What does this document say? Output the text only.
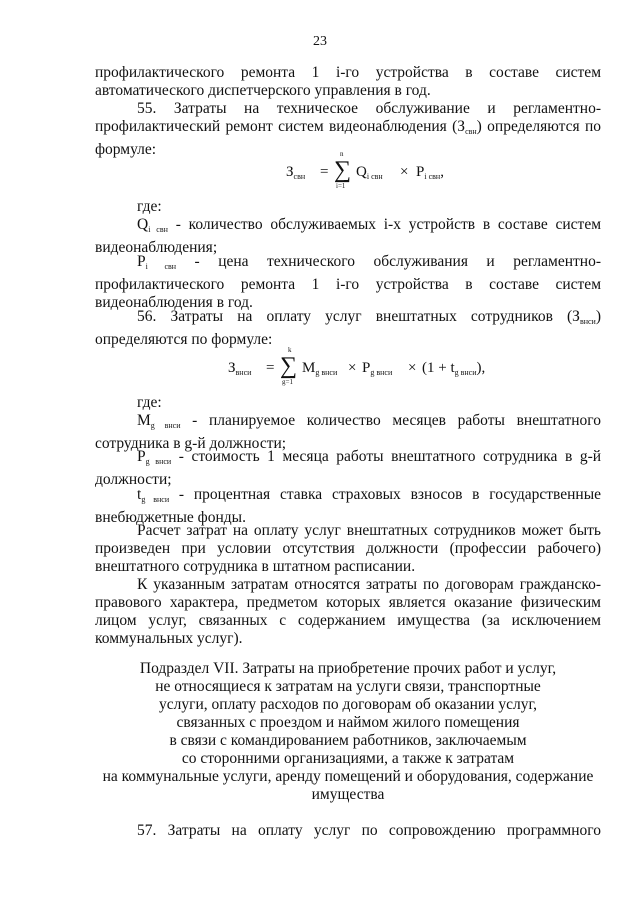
23
профилактического ремонта 1 i-го устройства в составе систем
автоматического диспетчерского управления в год.
55. Затраты на техническое обслуживание и регламентно-
профилактический ремонт систем видеонаблюдения $(З_{свн})$ определяются по
формуле:
$З_{свн}$ =
n
∑
i=1
$Q_{i свн} \times P_{i свн}$,
где:
$Q_{i свн}$ - количество обслуживаемых i-х устройств в составе систем
видеонаблюдения;
$P_{i свн}$ - цена технического обслуживания и регламентно-
профилактического ремонта 1 i-го устройства в составе систем
видеонаблюдения в год.
56. Затраты на оплату услуг внештатных сотрудников $(З_{внси})$
определяются по формуле:
$З_{внси}$ =
k
∑
g=1
$M_{g внси} \times P_{g внси} \times (1 + t_{g внси})$,
где:
$M_{g внси}$ - планируемое количество месяцев работы внештатного
сотрудника в g-й должности;
$P_{g внси}$ - стоимость 1 месяца работы внештатного сотрудника в g-й
должности;
$t_{g внси}$ - процентная ставка страховых взносов в государственные
внебюджетные фонды.
Расчет затрат на оплату услуг внештатных сотрудников может быть
произведен при условии отсутствия должности (профессии рабочего)
внештатного сотрудника в штатном расписании.
К указанным затратам относятся затраты по договорам гражданско-
правового характера, предметом которых является оказание физическим
лицом услуг, связанных с содержанием имущества (за исключением
коммунальных услуг).
Подраздел VII. Затраты на приобретение прочих работ и услуг,
не относящиеся к затратам на услуги связи, транспортные
услуги, оплату расходов по договорам об оказании услуг,
связанных с проездом и наймом жилого помещения
в связи с командированием работников, заключаемым
со сторонними организациями, а также к затратам
на коммунальные услуги, аренду помещений и оборудования, содержание
имущества
57. Затраты на оплату услуг по сопровождению программного
